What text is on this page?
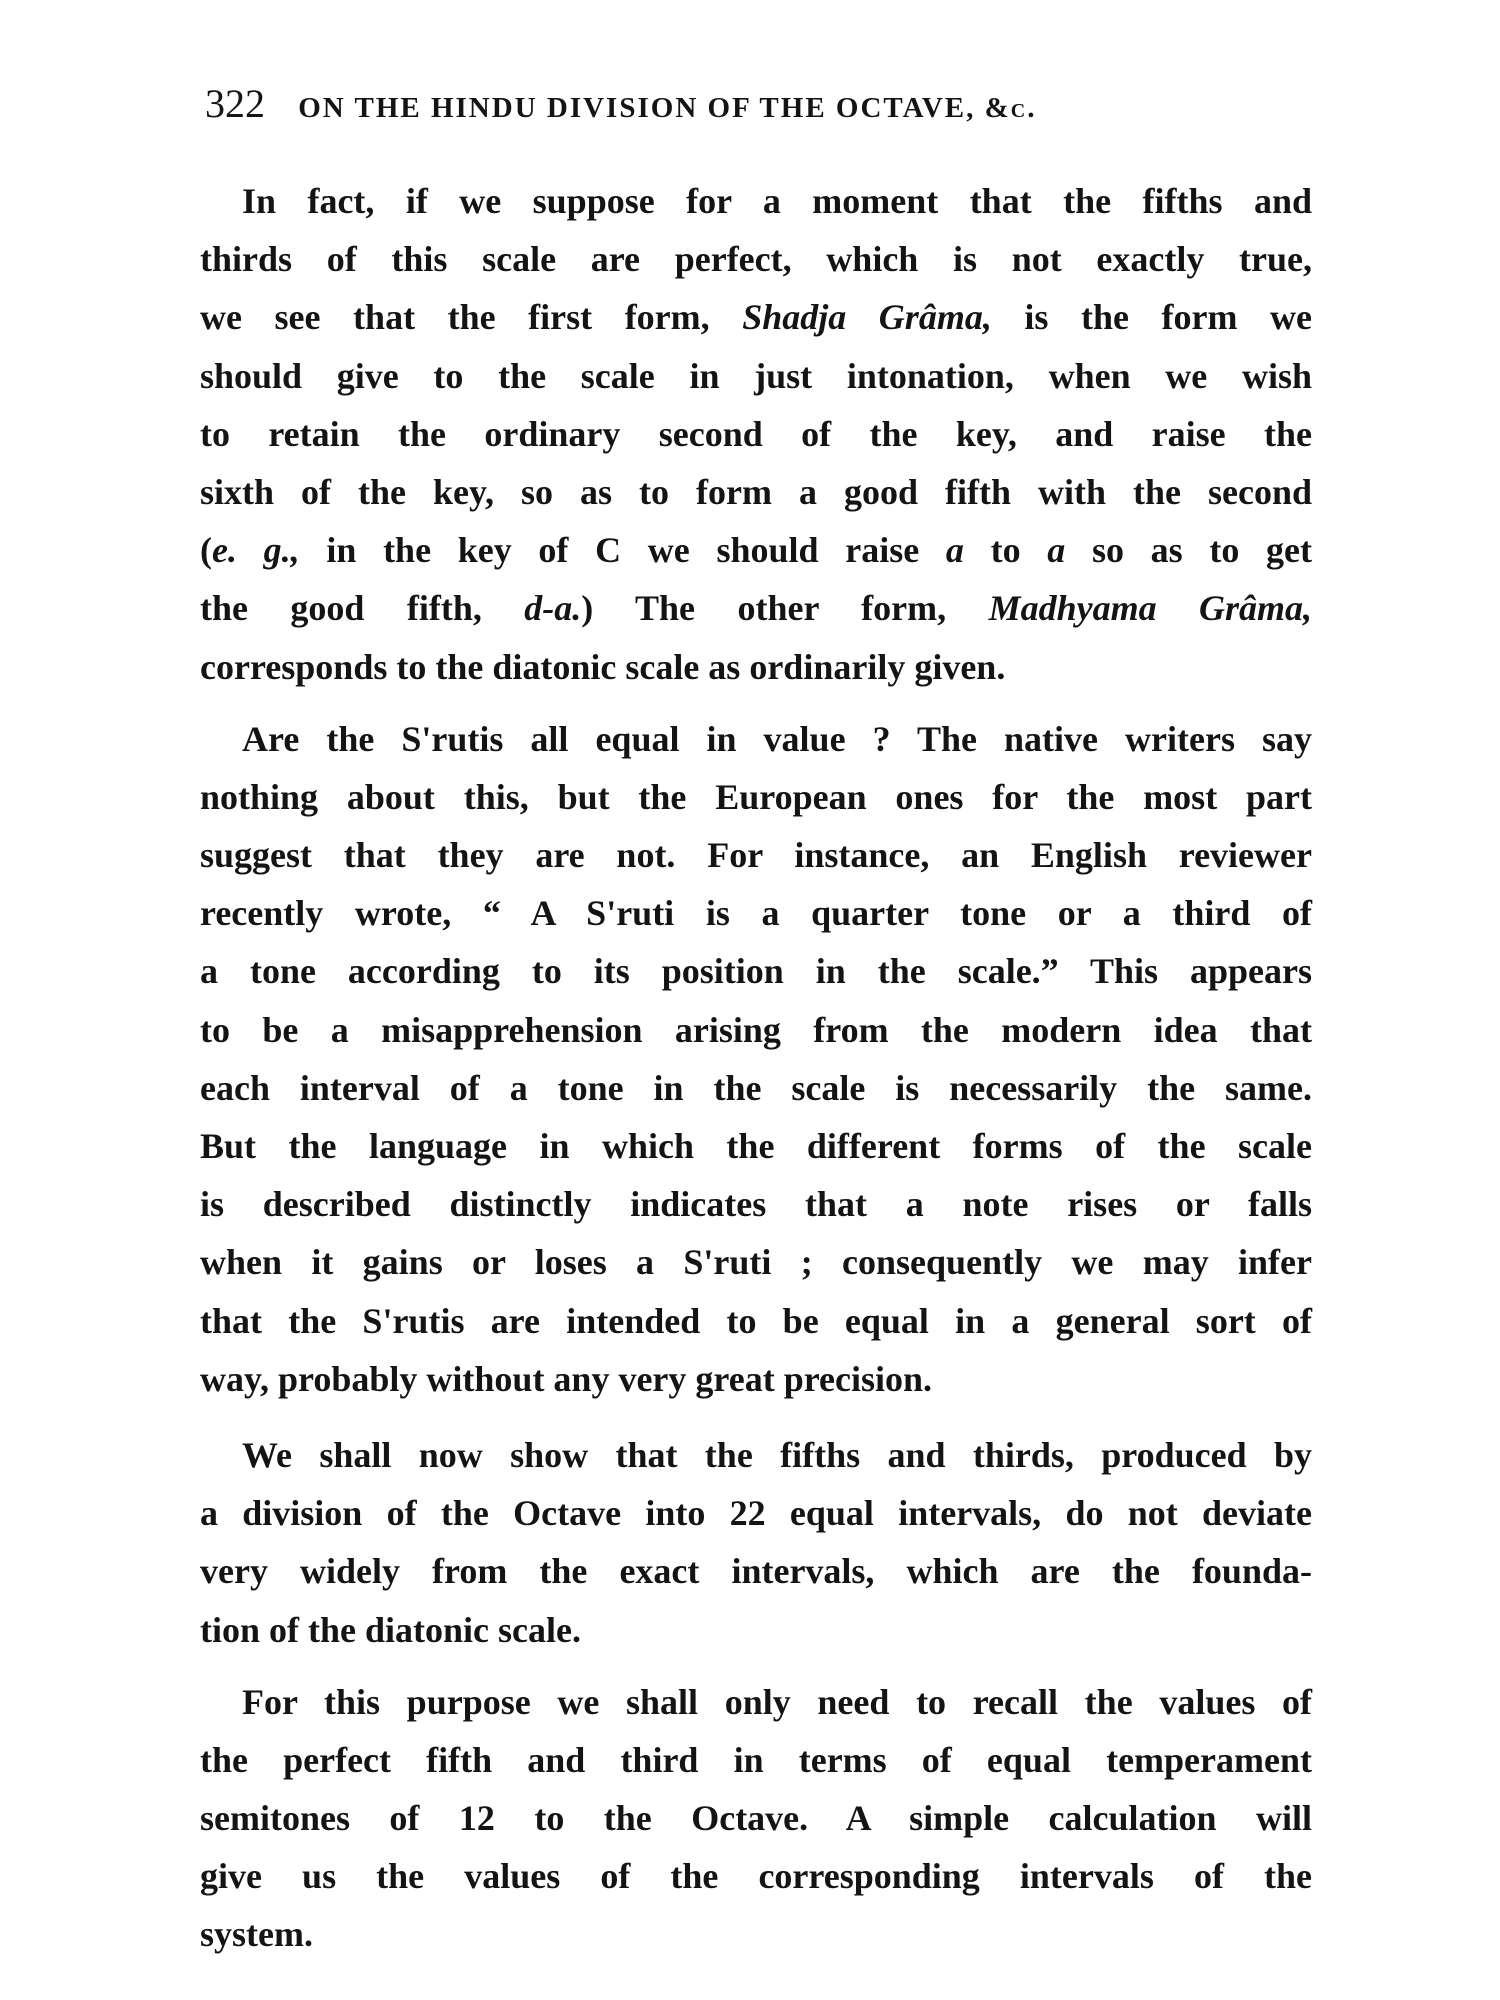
322 ON THE HINDU DIVISION OF THE OCTAVE, &c.
In fact, if we suppose for a moment that the fifths and
thirds of this scale are perfect, which is not exactly true,
we see that the first form, Shadja Grâma, is the form we
should give to the scale in just intonation, when we wish
to retain the ordinary second of the key, and raise the
sixth of the key, so as to form a good fifth with the second
(e. g., in the key of C we should raise a to a so as to get
the good fifth, d-a.) The other form, Madhyama Grâma,
corresponds to the diatonic scale as ordinarily given.
Are the S'rutis all equal in value ? The native writers say
nothing about this, but the European ones for the most part
suggest that they are not. For instance, an English reviewer
recently wrote, “ A S'ruti is a quarter tone or a third of
a tone according to its position in the scale.” This appears
to be a misapprehension arising from the modern idea that
each interval of a tone in the scale is necessarily the same.
But the language in which the different forms of the scale
is described distinctly indicates that a note rises or falls
when it gains or loses a S'ruti ; consequently we may infer
that the S'rutis are intended to be equal in a general sort of
way, probably without any very great precision.
We shall now show that the fifths and thirds, produced by
a division of the Octave into 22 equal intervals, do not deviate
very widely from the exact intervals, which are the founda-
tion of the diatonic scale.
For this purpose we shall only need to recall the values of
the perfect fifth and third in terms of equal temperament
semitones of 12 to the Octave. A simple calculation will
give us the values of the corresponding intervals of the
system.
